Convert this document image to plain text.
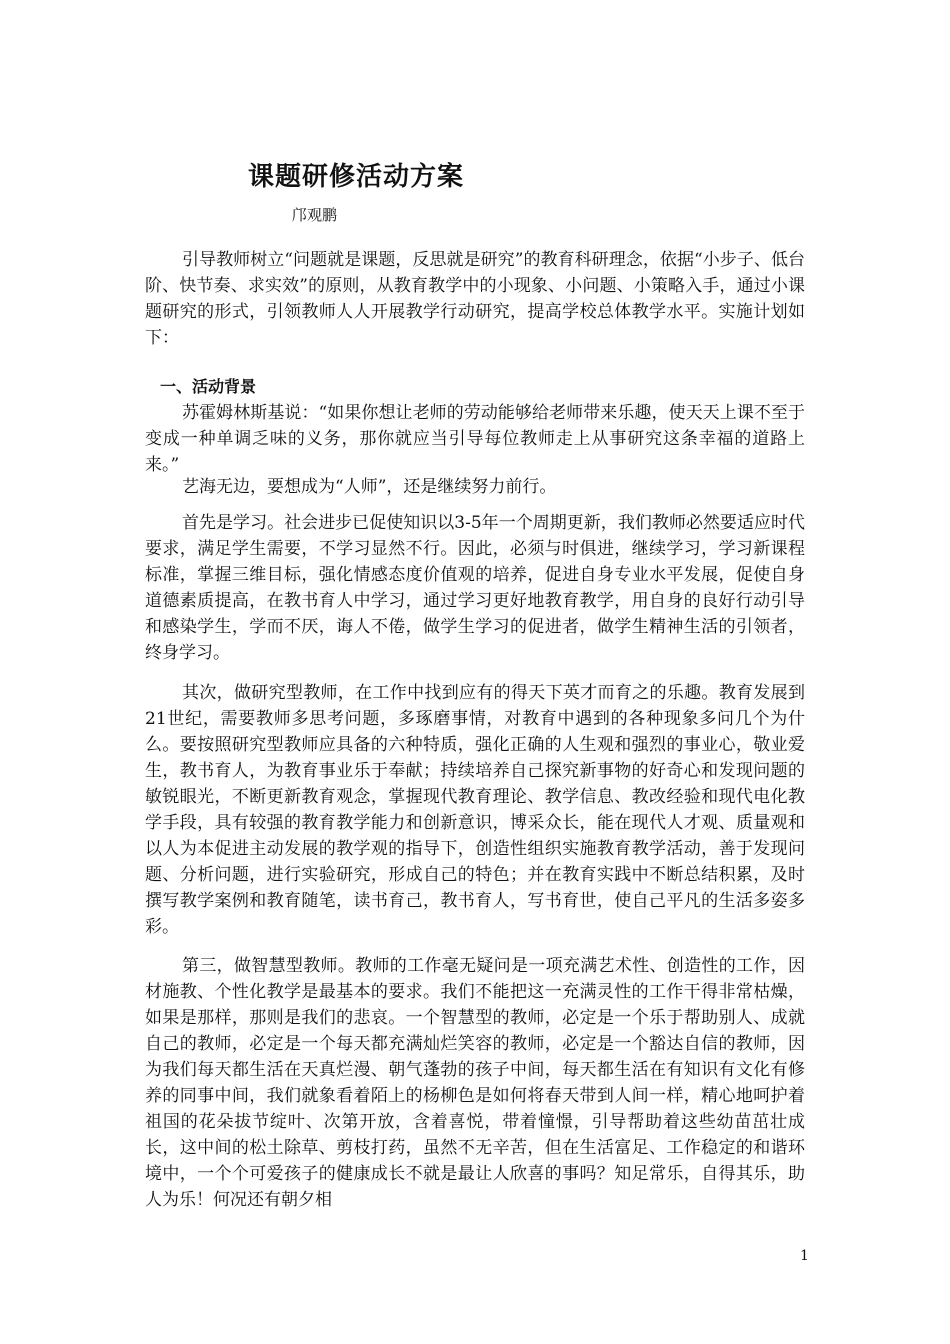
课题研修活动方案
邝观鹏

引导教师树立“问题就是课题，反思就是研究”的教育科研理念，依据“小步子、低台阶、快节奏、求实效”的原则，从教育教学中的小现象、小问题、小策略入手，通过小课题研究的形式，引领教师人人开展教学行动研究，提高学校总体教学水平。实施计划如下：

一、活动背景

苏霍姆林斯基说：“如果你想让老师的劳动能够给老师带来乐趣，使天天上课不至于变成一种单调乏味的义务，那你就应当引导每位教师走上从事研究这条幸福的道路上来。”

艺海无边，要想成为“人师”，还是继续努力前行。

首先是学习。社会进步已促使知识以3-5年一个周期更新，我们教师必然要适应时代要求，满足学生需要，不学习显然不行。因此，必须与时俱进，继续学习，学习新课程标准，掌握三维目标，强化情感态度价值观的培养，促进自身专业水平发展，促使自身道德素质提高，在教书育人中学习，通过学习更好地教育教学，用自身的良好行动引导和感染学生，学而不厌，诲人不倦，做学生学习的促进者，做学生精神生活的引领者，终身学习。

其次，做研究型教师，在工作中找到应有的得天下英才而育之的乐趣。教育发展到21世纪，需要教师多思考问题，多琢磨事情，对教育中遇到的各种现象多问几个为什么。要按照研究型教师应具备的六种特质，强化正确的人生观和强烈的事业心，敬业爱生，教书育人，为教育事业乐于奉献；持续培养自己探究新事物的好奇心和发现问题的敏锐眼光，不断更新教育观念，掌握现代教育理论、教学信息、教改经验和现代电化教学手段，具有较强的教育教学能力和创新意识，博采众长，能在现代人才观、质量观和以人为本促进主动发展的教学观的指导下，创造性组织实施教育教学活动，善于发现问题、分析问题，进行实验研究，形成自己的特色；并在教育实践中不断总结积累，及时撰写教学案例和教育随笔，读书育己，教书育人，写书育世，使自己平凡的生活多姿多彩。

第三，做智慧型教师。教师的工作毫无疑问是一项充满艺术性、创造性的工作，因材施教、个性化教学是最基本的要求。我们不能把这一充满灵性的工作干得非常枯燥，如果是那样，那则是我们的悲哀。一个智慧型的教师，必定是一个乐于帮助别人、成就自己的教师，必定是一个每天都充满灿烂笑容的教师，必定是一个豁达自信的教师，因为我们每天都生活在天真烂漫、朝气蓬勃的孩子中间，每天都生活在有知识有文化有修养的同事中间，我们就象看着陌上的杨柳色是如何将春天带到人间一样，精心地呵护着祖国的花朵拔节绽叶、次第开放，含着喜悦，带着憧憬，引导帮助着这些幼苗茁壮成长，这中间的松土除草、剪枝打药，虽然不无辛苦，但在生活富足、工作稳定的和谐环境中，一个个可爱孩子的健康成长不就是最让人欣喜的事吗？知足常乐，自得其乐，助人为乐！何况还有朝夕相

1
